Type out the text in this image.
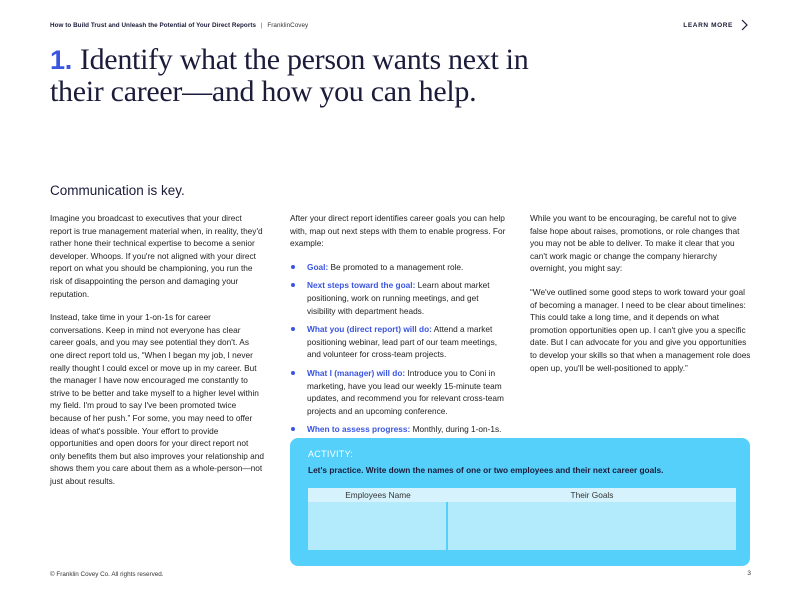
How to Build Trust and Unleash the Potential of Your Direct Reports | FranklinCovey	LEARN MORE
1. Identify what the person wants next in
their career—and how you can help.
Communication is key.

Imagine you broadcast to executives that your direct report is true management material when, in reality, they'd rather hone their technical expertise to become a senior developer. Whoops. If you're not aligned with your direct report on what you should be championing, you run the risk of disappointing the person and damaging your reputation.

Instead, take time in your 1-on-1s for career conversations. Keep in mind not everyone has clear career goals, and you may see potential they don't. As one direct report told us, “When I began my job, I never really thought I could excel or move up in my career. But the manager I have now encouraged me constantly to strive to be better and take myself to a higher level within my field. I'm proud to say I've been promoted twice because of her push.” For some, you may need to offer ideas of what's possible. Your effort to provide opportunities and open doors for your direct report not only benefits them but also improves your relationship and shows them you care about them as a whole-person—not just about results.

After your direct report identifies career goals you can help with, map out next steps with them to enable progress. For example:

Goal: Be promoted to a management role.
Next steps toward the goal: Learn about market positioning, work on running meetings, and get visibility with department heads.
What you (direct report) will do: Attend a market positioning webinar, lead part of our team meetings, and volunteer for cross-team projects.
What I (manager) will do: Introduce you to Coni in marketing, have you lead our weekly 15-minute team updates, and recommend you for relevant cross-team projects and an upcoming conference.
When to assess progress: Monthly, during 1-on-1s.

While you want to be encouraging, be careful not to give false hope about raises, promotions, or role changes that you may not be able to deliver. To make it clear that you can't work magic or change the company hierarchy overnight, you might say:

“We've outlined some good steps to work toward your goal of becoming a manager. I need to be clear about timelines: This could take a long time, and it depends on what promotion opportunities open up. I can't give you a specific date. But I can advocate for you and give you opportunities to develop your skills so that when a management role does open up, you'll be well-positioned to apply.”

ACTIVITY:
Let's practice. Write down the names of one or two employees and their next career goals.
Employees Name	Their Goals
© Franklin Covey Co. All rights reserved.	3
